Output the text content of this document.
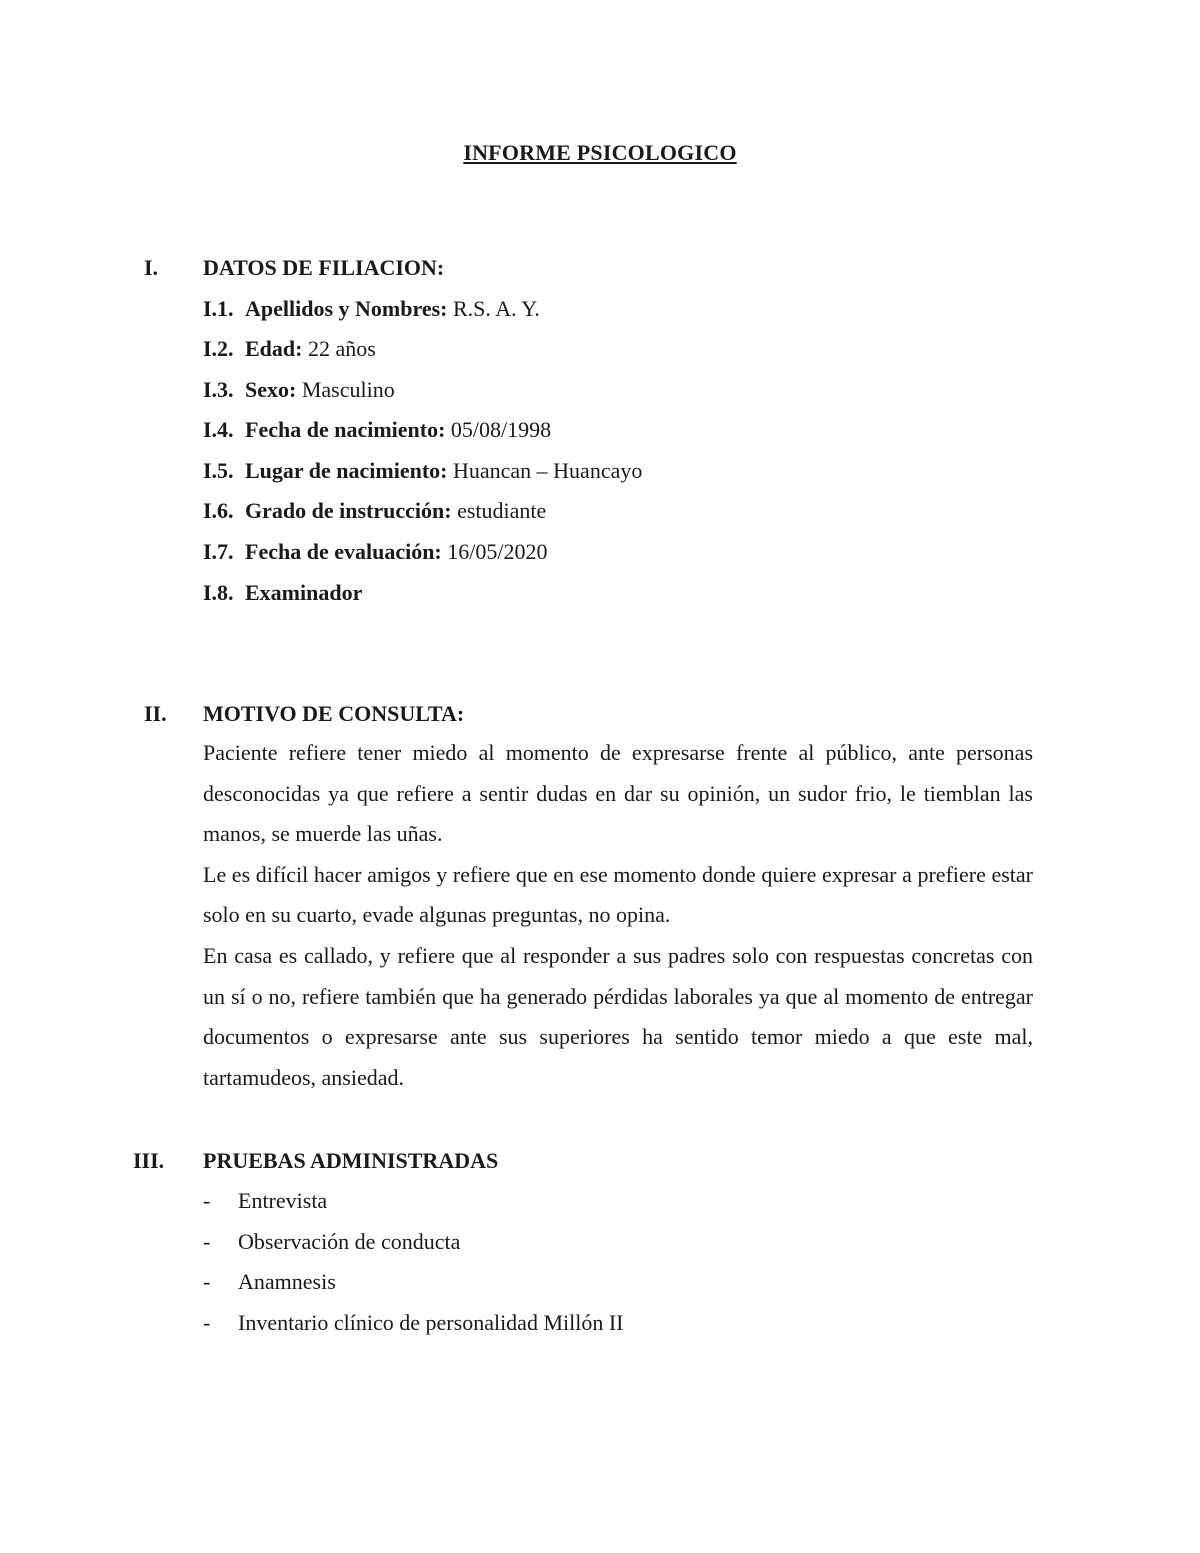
INFORME PSICOLOGICO
I.	DATOS DE FILIACION:
I.1. Apellidos y Nombres: R.S. A. Y.
I.2. Edad: 22 años
I.3. Sexo: Masculino
I.4. Fecha de nacimiento: 05/08/1998
I.5. Lugar de nacimiento: Huancan – Huancayo
I.6. Grado de instrucción: estudiante
I.7. Fecha de evaluación: 16/05/2020
I.8. Examinador
II.	MOTIVO DE CONSULTA:

Paciente refiere tener miedo al momento de expresarse frente al público, ante personas desconocidas ya que refiere a sentir dudas en dar su opinión, un sudor frio, le tiemblan las manos, se muerde las uñas.

Le es difícil hacer amigos y refiere que en ese momento donde quiere expresar a prefiere estar solo en su cuarto, evade algunas preguntas, no opina.

En casa es callado, y refiere que al responder a sus padres solo con respuestas concretas con un sí o no, refiere también que ha generado pérdidas laborales ya que al momento de entregar documentos o expresarse ante sus superiores ha sentido temor miedo a que este mal, tartamudeos, ansiedad.

III.	PRUEBAS ADMINISTRADAS
- Entrevista
- Observación de conducta
- Anamnesis
- Inventario clínico de personalidad Millón II
